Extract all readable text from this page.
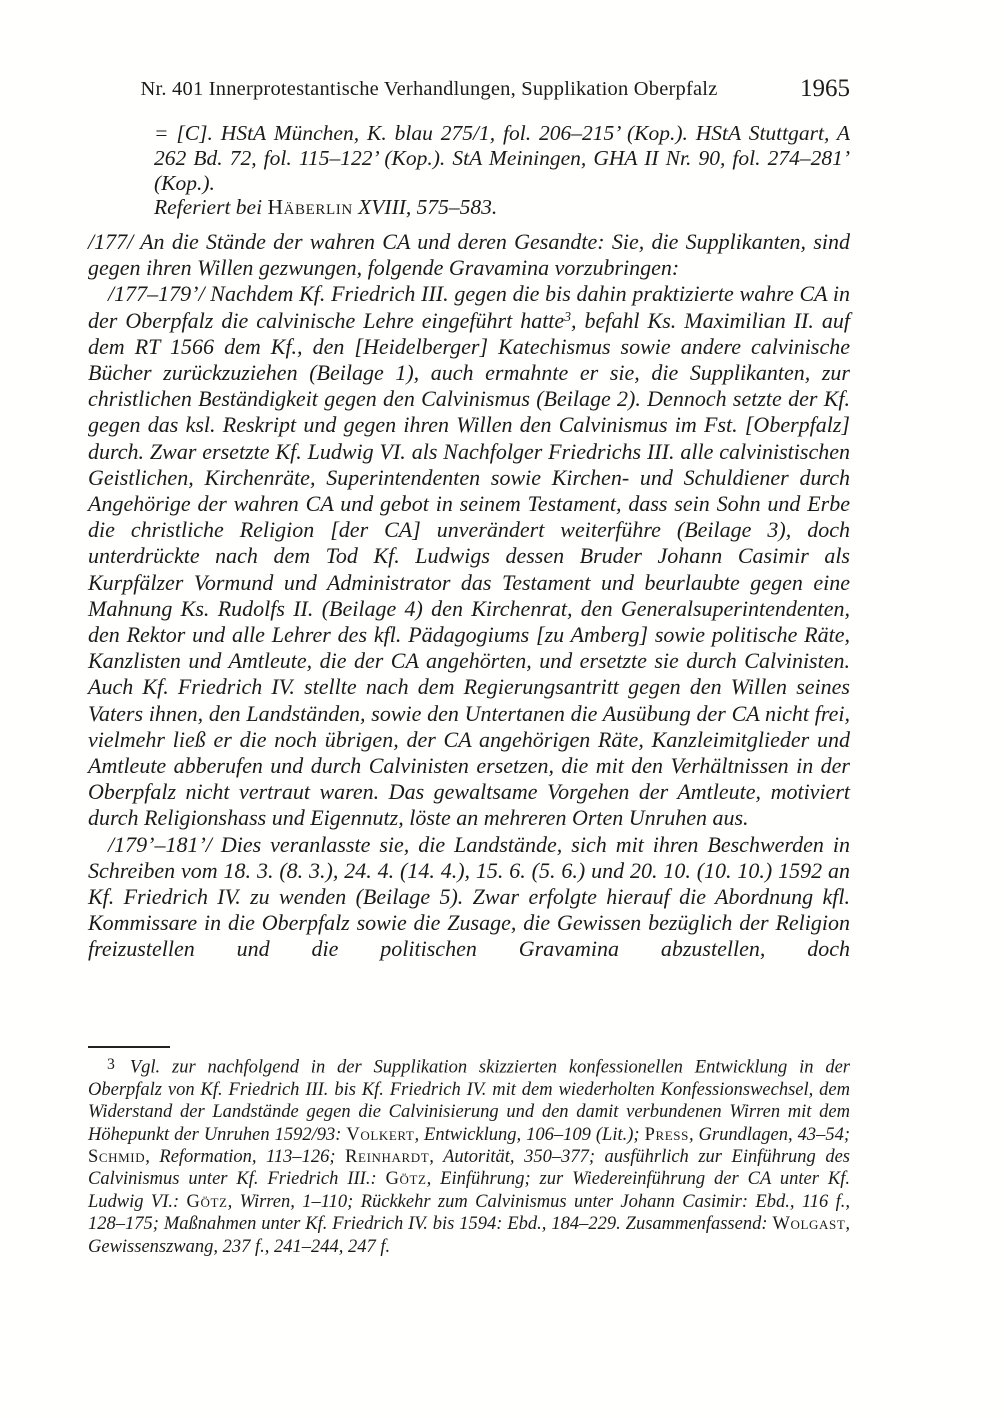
Nr. 401 Innerprotestantische Verhandlungen, Supplikation Oberpfalz	1965
= [C]. HStA München, K. blau 275/1, fol. 206–215’ (Kop.). HStA Stuttgart, A 262 Bd. 72, fol. 115–122’ (Kop.). StA Meiningen, GHA II Nr. 90, fol. 274–281’ (Kop.).
Referiert bei Häberlin XVIII, 575–583.

/177/ An die Stände der wahren CA und deren Gesandte: Sie, die Supplikanten, sind gegen ihren Willen gezwungen, folgende Gravamina vorzubringen:

/177–179’/ Nachdem Kf. Friedrich III. gegen die bis dahin praktizierte wahre CA in der Oberpfalz die calvinische Lehre eingeführt hatte$^3$, befahl Ks. Maximilian II. auf dem RT 1566 dem Kf., den [Heidelberger] Katechismus sowie andere calvinische Bücher zurückzuziehen (Beilage 1), auch ermahnte er sie, die Supplikanten, zur christlichen Beständigkeit gegen den Calvinismus (Beilage 2). Dennoch setzte der Kf. gegen das ksl. Reskript und gegen ihren Willen den Calvinismus im Fst. [Oberpfalz] durch. Zwar ersetzte Kf. Ludwig VI. als Nachfolger Friedrichs III. alle calvinistischen Geistlichen, Kirchenräte, Superintendenten sowie Kirchen- und Schuldiener durch Angehörige der wahren CA und gebot in seinem Testament, dass sein Sohn und Erbe die christliche Religion [der CA] unverändert weiterführe (Beilage 3), doch unterdrückte nach dem Tod Kf. Ludwigs dessen Bruder Johann Casimir als Kurpfälzer Vormund und Administrator das Testament und beurlaubte gegen eine Mahnung Ks. Rudolfs II. (Beilage 4) den Kirchenrat, den Generalsuperintendenten, den Rektor und alle Lehrer des kfl. Pädagogiums [zu Amberg] sowie politische Räte, Kanzlisten und Amtleute, die der CA angehörten, und ersetzte sie durch Calvinisten. Auch Kf. Friedrich IV. stellte nach dem Regierungsantritt gegen den Willen seines Vaters ihnen, den Landständen, sowie den Untertanen die Ausübung der CA nicht frei, vielmehr ließ er die noch übrigen, der CA angehörigen Räte, Kanzleimitglieder und Amtleute abberufen und durch Calvinisten ersetzen, die mit den Verhältnissen in der Oberpfalz nicht vertraut waren. Das gewaltsame Vorgehen der Amtleute, motiviert durch Religionshass und Eigennutz, löste an mehreren Orten Unruhen aus.

/179’–181’/ Dies veranlasste sie, die Landstände, sich mit ihren Beschwerden in Schreiben vom 18. 3. (8. 3.), 24. 4. (14. 4.), 15. 6. (5. 6.) und 20. 10. (10. 10.) 1592 an Kf. Friedrich IV. zu wenden (Beilage 5). Zwar erfolgte hierauf die Abordnung kfl. Kommissare in die Oberpfalz sowie die Zusage, die Gewissen bezüglich der Religion freizustellen und die politischen Gravamina abzustellen, doch

3 Vgl. zur nachfolgend in der Supplikation skizzierten konfessionellen Entwicklung in der Oberpfalz von Kf. Friedrich III. bis Kf. Friedrich IV. mit dem wiederholten Konfessionswechsel, dem Widerstand der Landstände gegen die Calvinisierung und den damit verbundenen Wirren mit dem Höhepunkt der Unruhen 1592/93: Volkert, Entwicklung, 106–109 (Lit.); Press, Grundlagen, 43–54; Schmid, Reformation, 113–126; Reinhardt, Autorität, 350–377; ausführlich zur Einführung des Calvinismus unter Kf. Friedrich III.: Götz, Einführung; zur Wiedereinführung der CA unter Kf. Ludwig VI.: Götz, Wirren, 1–110; Rückkehr zum Calvinismus unter Johann Casimir: Ebd., 116 f., 128–175; Maßnahmen unter Kf. Friedrich IV. bis 1594: Ebd., 184–229. Zusammenfassend: Wolgast, Gewissenszwang, 237 f., 241–244, 247 f.
